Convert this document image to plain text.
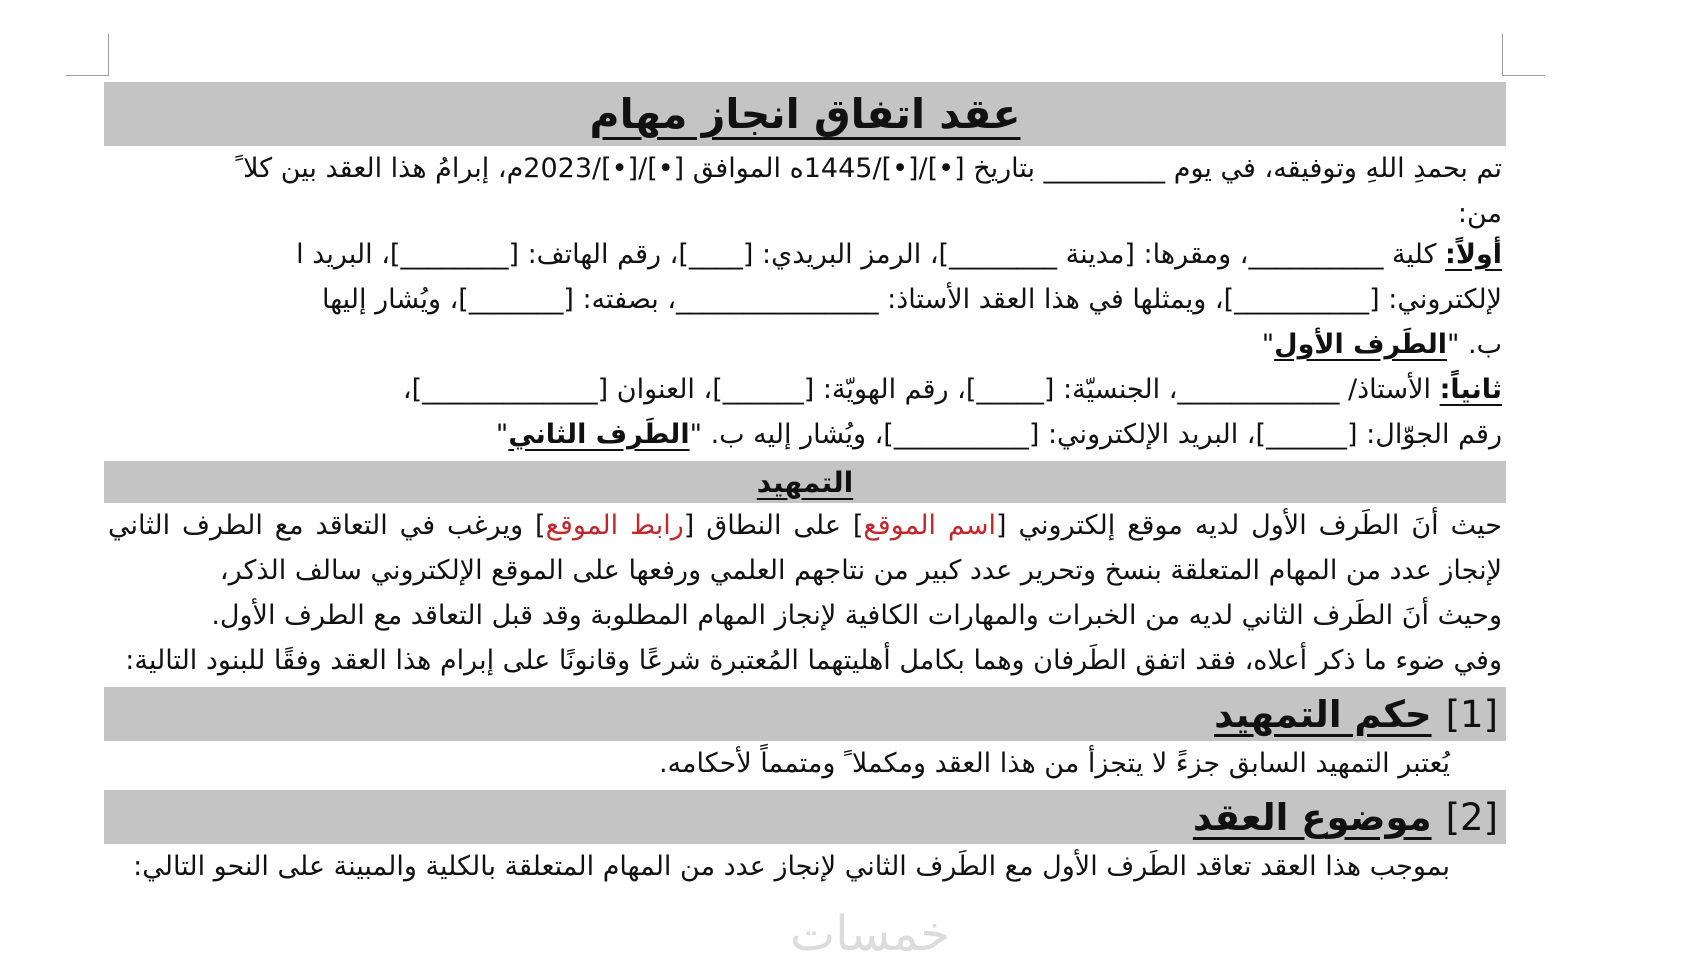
عقد اتفاق انجاز مهام
تم بحمدِ اللهِ وتوفيقه، في يوم _________ بتاريخ [•]/[•]/1445ه الموافق [•]/[•]/2023م، إبرامُ هذا العقد بين كلا ً
من:
أولاً: كلية __________، ومقرها: [مدينة ________]، الرمز البريدي: [____]، رقم الهاتف: [________]، البريد ا
لإلكتروني: [__________]، ويمثلها في هذا العقد الأستاذ: _______________، بصفته: [_______]، ويُشار إليها
ب. "الطَرف الأول"
ثانياً: الأستاذ/ ____________، الجنسيّة: [_____]، رقم الهويّة: [______]، العنوان [_____________]،
رقم الجوّال: [______]، البريد الإلكتروني: [__________]، ويُشار إليه ب. "الطَرف الثاني"
التمهيد
حيث أنَ الطَرف الأول لديه موقع إلكتروني [اسم الموقع] على النطاق [رابط الموقع] ويرغب في التعاقد مع الطرف الثاني لإنجاز عدد من المهام المتعلقة بنسخ وتحرير عدد كبير من نتاجهم العلمي ورفعها على الموقع الإلكتروني سالف الذكر،
وحيث أنَ الطَرف الثاني لديه من الخبرات والمهارات الكافية لإنجاز المهام المطلوبة وقد قبل التعاقد مع الطرف الأول.
وفي ضوء ما ذكر أعلاه، فقد اتفق الطَرفان وهما بكامل أهليتهما المُعتبرة شرعًا وقانونًا على إبرام هذا العقد وفقًا للبنود التالية:
[1]
حكم التمهيد
يُعتبر التمهيد السابق جزءً لا يتجزأ من هذا العقد ومكملا ً ومتمماً لأحكامه.
[2]
موضوع العقد
بموجب هذا العقد تعاقد الطَرف الأول مع الطَرف الثاني لإنجاز عدد من المهام المتعلقة بالكلية والمبينة على النحو التالي:
خمسات
